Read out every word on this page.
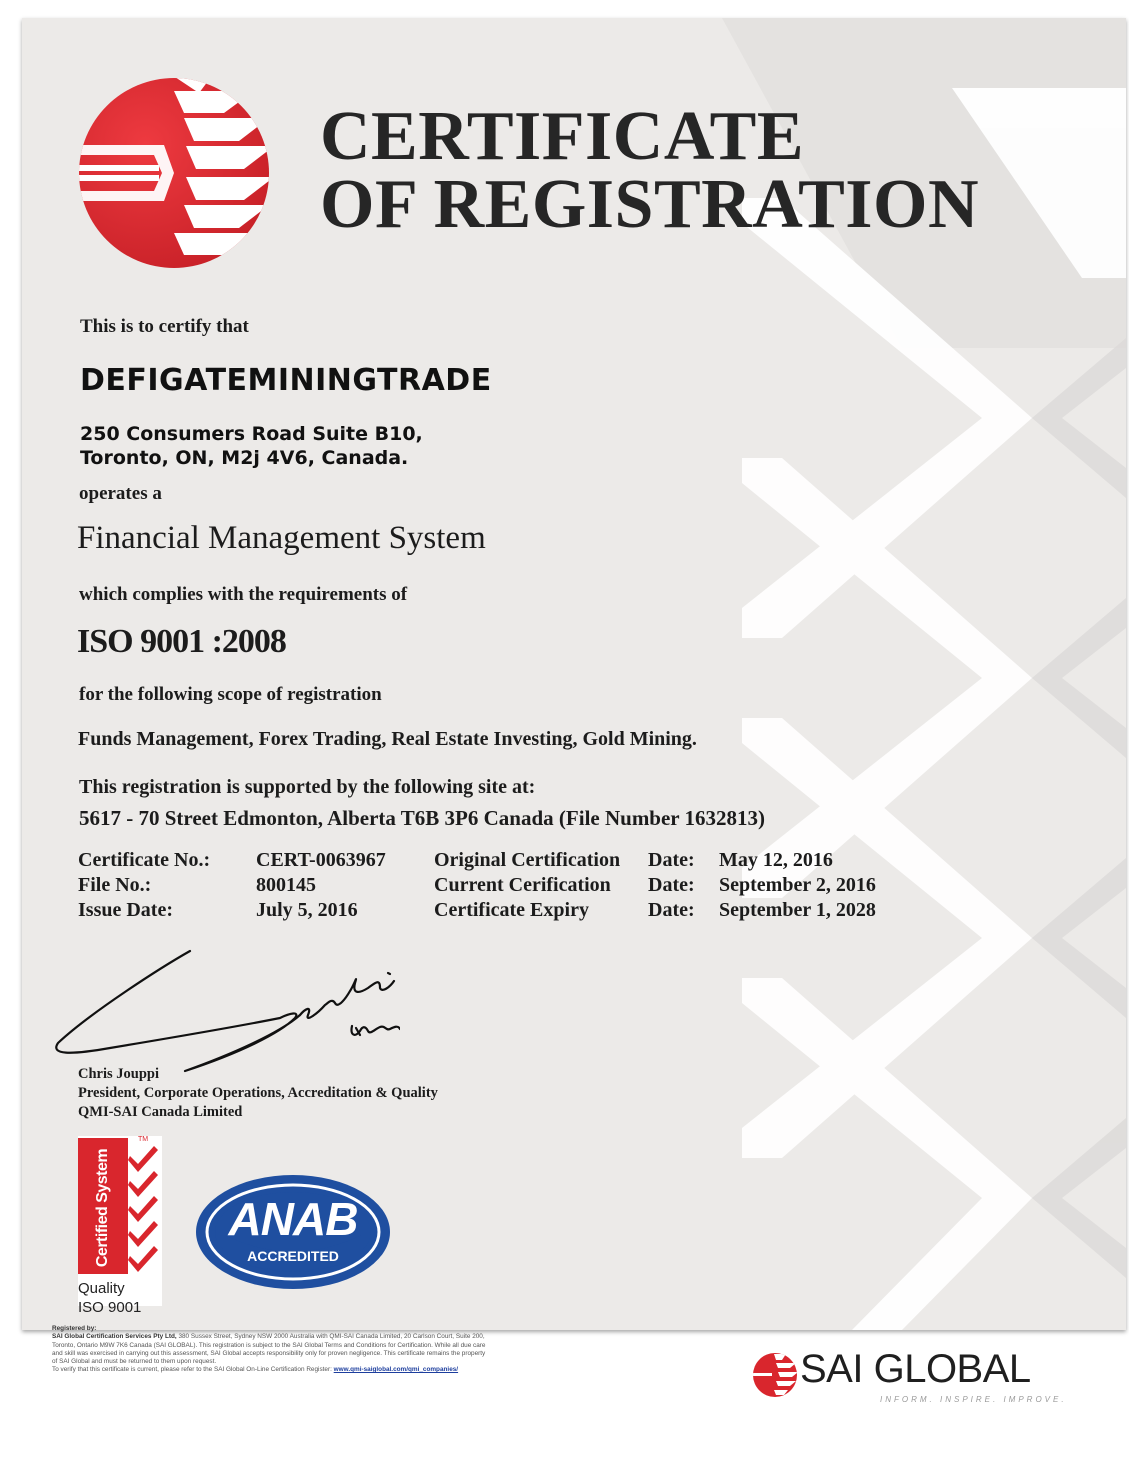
CERTIFICATE
OF REGISTRATION
This is to certify that
DEFIGATEMININGTRADE
250 Consumers Road Suite B10,
Toronto, ON, M2j 4V6, Canada.
operates a
Financial Management System
which complies with the requirements of
ISO 9001 :2008
for the following scope of registration
Funds Management, Forex Trading, Real Estate Investing, Gold Mining.
This registration is supported by the following site at:
5617 - 70 Street Edmonton, Alberta T6B 3P6 Canada (File Number 1632813)
Certificate No.:	CERT-0063967	Original Certification	Date:	May 12, 2016
File No.:	800145	Current Cerification	Date:	September 2, 2016
Issue Date:	July 5, 2016	Certificate Expiry	Date:	September 1, 2028
Chris Jouppi
President, Corporate Operations, Accreditation & Quality
QMI-SAI Canada Limited
Certified System
TM
Quality
ISO 9001
ANAB
ACCREDITED
Registered by:
SAI Global Certification Services Pty Ltd, 380 Sussex Street, Sydney NSW 2000 Australia with QMI-SAI Canada Limited, 20 Carlson Court, Suite 200,
Toronto, Ontario M9W 7K6 Canada (SAI GLOBAL). This registration is subject to the SAI Global Terms and Conditions for Certification. While all due care
and skill was exercised in carrying out this assessment, SAI Global accepts responsibility only for proven negligence. This certificate remains the property
of SAI Global and must be returned to them upon request.
To verify that this certificate is current, please refer to the SAI Global On-Line Certification Register: www.qmi-saiglobal.com/qmi_companies/	SAI GLOBAL
INFORM. INSPIRE. IMPROVE.
